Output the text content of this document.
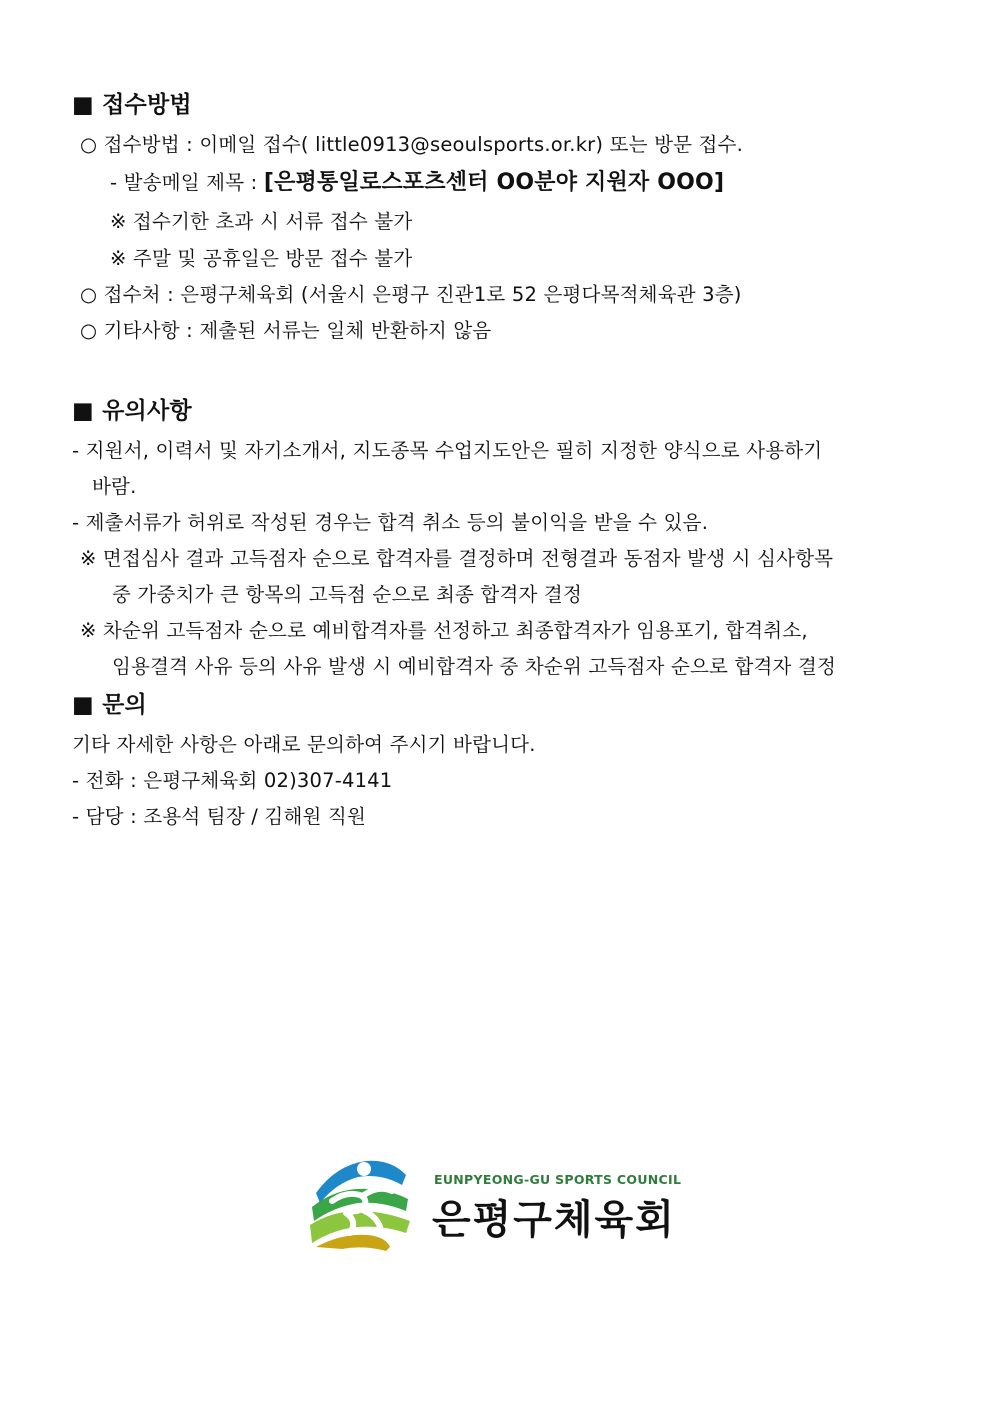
■ 접수방법
○ 접수방법 : 이메일 접수( little0913@seoulsports.or.kr) 또는 방문 접수.
- 발송메일 제목 : [은평통일로스포츠센터 OO분야 지원자 OOO]
※ 접수기한 초과 시 서류 접수 불가
※ 주말 및 공휴일은 방문 접수 불가
○ 접수처 : 은평구체육회 (서울시 은평구 진관1로 52 은평다목적체육관 3층)
○ 기타사항 : 제출된 서류는 일체 반환하지 않음
■ 유의사항
- 지원서, 이력서 및 자기소개서, 지도종목 수업지도안은 필히 지정한 양식으로 사용하기
바람.
- 제출서류가 허위로 작성된 경우는 합격 취소 등의 불이익을 받을 수 있음.
※ 면접심사 결과 고득점자 순으로 합격자를 결정하며 전형결과 동점자 발생 시 심사항목
중 가중치가 큰 항목의 고득점 순으로 최종 합격자 결정
※ 차순위 고득점자 순으로 예비합격자를 선정하고 최종합격자가 임용포기, 합격취소,
임용결격 사유 등의 사유 발생 시 예비합격자 중 차순위 고득점자 순으로 합격자 결정
■ 문의
기타 자세한 사항은 아래로 문의하여 주시기 바랍니다.
- 전화 : 은평구체육회 02)307-4141
- 담당 : 조용석 팀장 / 김해원 직원
EUNPYEONG-GU SPORTS COUNCIL
은평구체육회
